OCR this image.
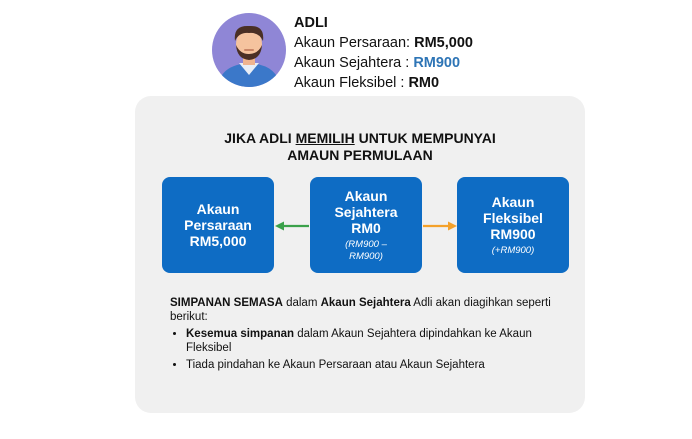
ADLI
Akaun Persaraan: RM5,000
Akaun Sejahtera : RM900
Akaun Fleksibel : RM0
JIKA ADLI MEMILIH UNTUK MEMPUNYAI
AMAUN PERMULAAN
Akaun
Persaraan
RM5,000
Akaun
Sejahtera
RM0
(RM900 –
RM900)
Akaun
Fleksibel
RM900
(+RM900)
SIMPANAN SEMASA dalam Akaun Sejahtera Adli akan diagihkan seperti berikut:
• Kesemua simpanan dalam Akaun Sejahtera dipindahkan ke Akaun Fleksibel
• Tiada pindahan ke Akaun Persaraan atau Akaun Sejahtera
